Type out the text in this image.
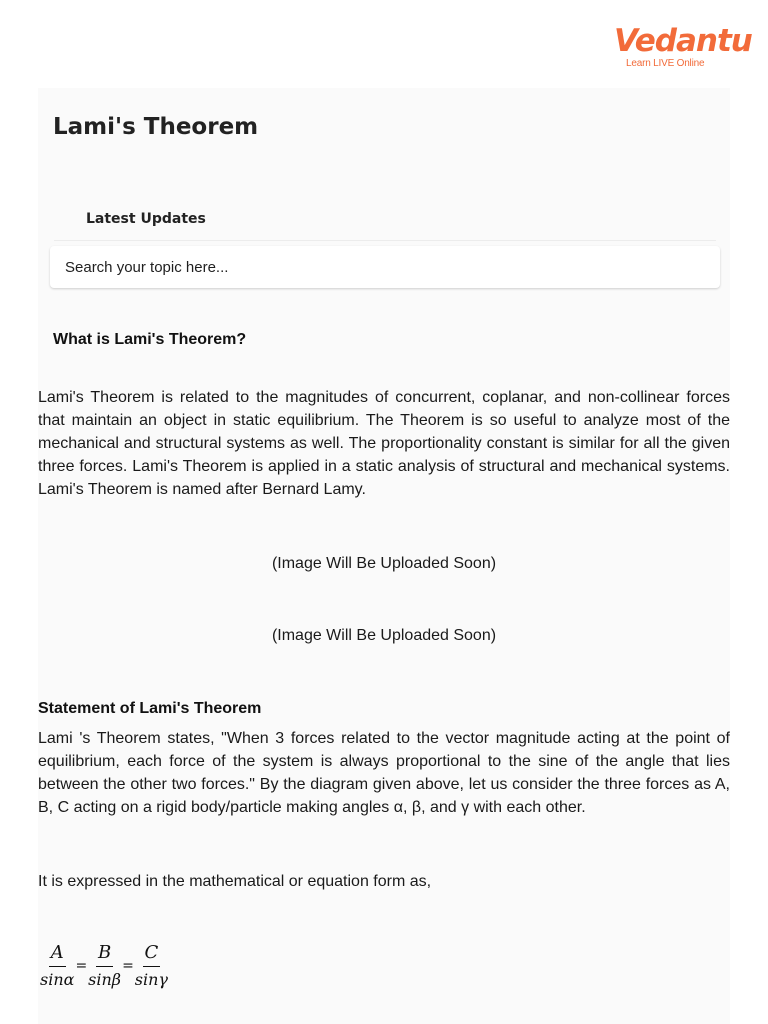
Vedantu
Learn LIVE Online
Lami's Theorem
Latest Updates
Search your topic here...
What is Lami's Theorem?

Lami's Theorem is related to the magnitudes of concurrent, coplanar, and non-collinear forces that maintain an object in static equilibrium. The Theorem is so useful to analyze most of the mechanical and structural systems as well. The proportionality constant is similar for all the given three forces. Lami's Theorem is applied in a static analysis of structural and mechanical systems. Lami's Theorem is named after Bernard Lamy.

(Image Will Be Uploaded Soon)
(Image Will Be Uploaded Soon)
Statement of Lami's Theorem

Lami 's Theorem states, "When 3 forces related to the vector magnitude acting at the point of equilibrium, each force of the system is always proportional to the sine of the angle that lies between the other two forces." By the diagram given above, let us consider the three forces as A, B, C acting on a rigid body/particle making angles α, β, and γ with each other.

It is expressed in the mathematical or equation form as,

$\frac{A}{\sin\alpha} = \frac{B}{\sin\beta} = \frac{C}{\sin\gamma}$
